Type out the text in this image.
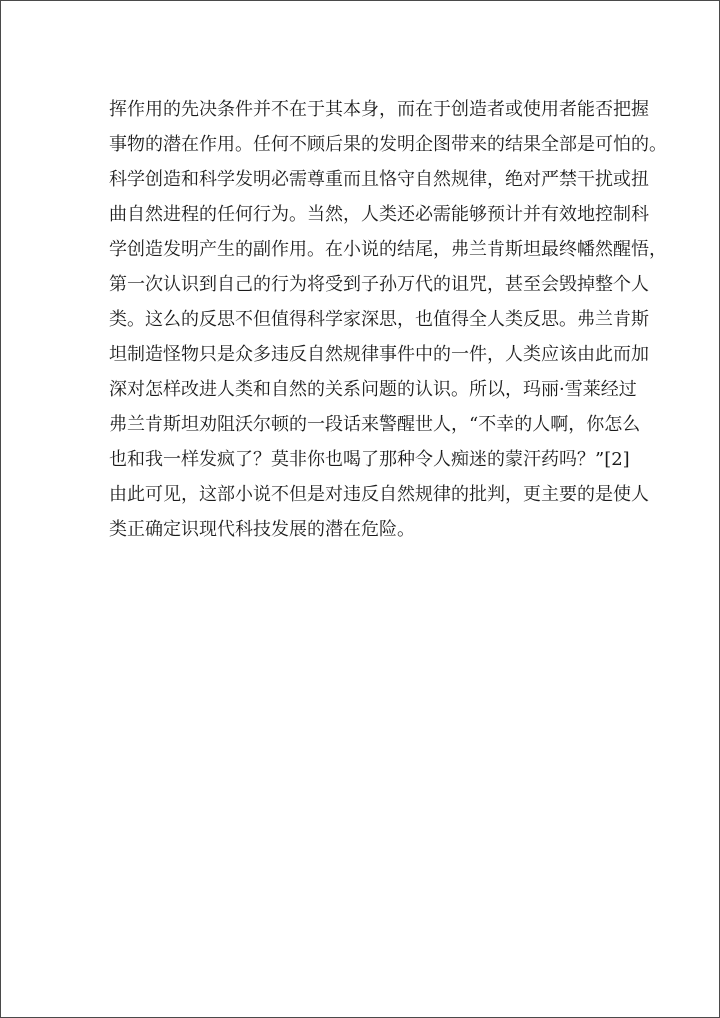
挥作用的先决条件并不在于其本身，而在于创造者或使用者能否把握
事物的潜在作用。任何不顾后果的发明企图带来的结果全部是可怕的。
科学创造和科学发明必需尊重而且恪守自然规律，绝对严禁干扰或扭
曲自然进程的任何行为。当然，人类还必需能够预计并有效地控制科
学创造发明产生的副作用。在小说的结尾，弗兰肯斯坦最终幡然醒悟，
第一次认识到自己的行为将受到子孙万代的诅咒，甚至会毁掉整个人
类。这么的反思不但值得科学家深思，也值得全人类反思。弗兰肯斯
坦制造怪物只是众多违反自然规律事件中的一件，人类应该由此而加
深对怎样改进人类和自然的关系问题的认识。所以，玛丽·雪莱经过
弗兰肯斯坦劝阻沃尔顿的一段话来警醒世人，“不幸的人啊，你怎么
也和我一样发疯了？莫非你也喝了那种令人痴迷的蒙汗药吗？”[2]
由此可见，这部小说不但是对违反自然规律的批判，更主要的是使人
类正确定识现代科技发展的潜在危险。
